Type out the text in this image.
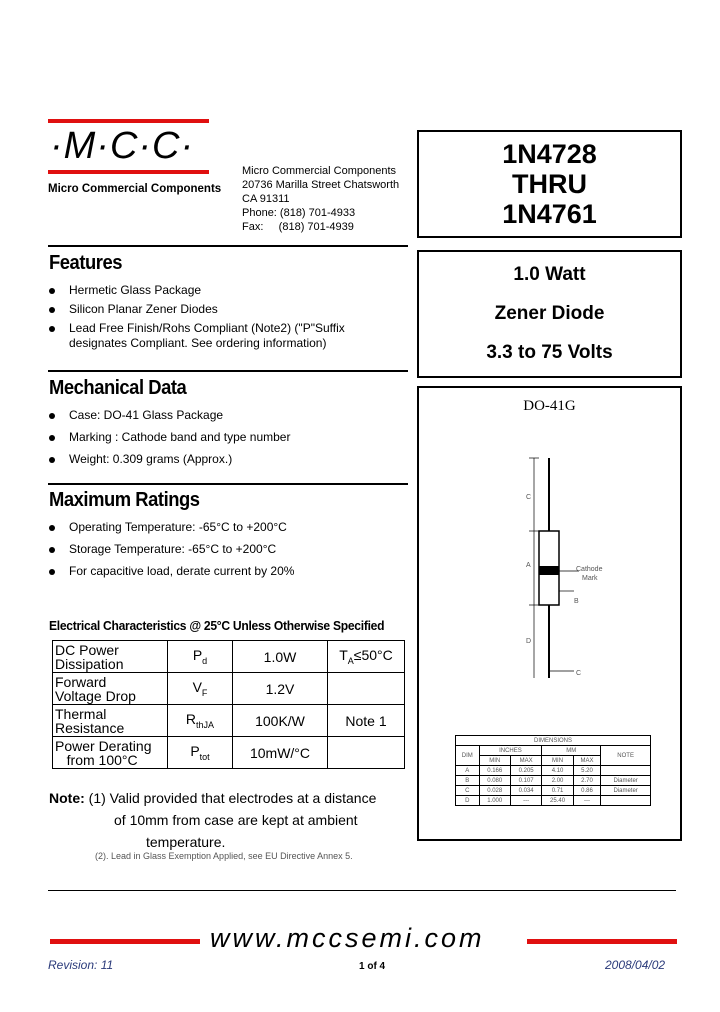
·M·C·C·
Micro Commercial Components
Micro Commercial Components
20736 Marilla Street Chatsworth
CA 91311
Phone: (818) 701-4933
Fax:     (818) 701-4939
1N4728
THRU
1N4761
1.0 Watt
Zener Diode
3.3 to 75 Volts
DO-41G
C
A
D
B
C
Cathode
Mark
DIMENSIONS					
DIM	INCHES		MM		NOTE
	MIN	MAX	MIN	MAX	
A	0.166	0.205	4.10	5.20	
B	0.080	0.107	2.00	2.70	Diameter
C	0.028	0.034	0.71	0.86	Diameter
D	1.000	---	25.40	---	
Features
Hermetic Glass Package
Silicon Planar Zener Diodes
Lead Free Finish/Rohs Compliant (Note2) ("P"Suffix designates Compliant. See ordering information)
Mechanical Data
Case: DO-41 Glass Package
Marking : Cathode band and type number
Weight: 0.309 grams (Approx.)
Maximum Ratings
Operating Temperature: -65°C to +200°C
Storage Temperature: -65°C to +200°C
For capacitive load, derate current by 20%
Electrical Characteristics @ 25°C Unless Otherwise Specified
DC Power
Dissipation	$P_d$	1.0W	$T_A\le 50^\circ C$

Forward
Voltage Drop	$V_F$	1.2V	

Thermal
Resistance	$R_{thJA}$	100K/W	Note 1

Power Derating
from 100°C	$P_{tot}$	10mW/°C	
Note: (1) Valid provided that electrodes at a distance
of 10mm from case are kept at ambient
temperature.
(2). Lead in Glass Exemption Applied, see EU Directive Annex 5.
www.mccsemi.com
Revision: 11	1 of 4	2008/04/02
